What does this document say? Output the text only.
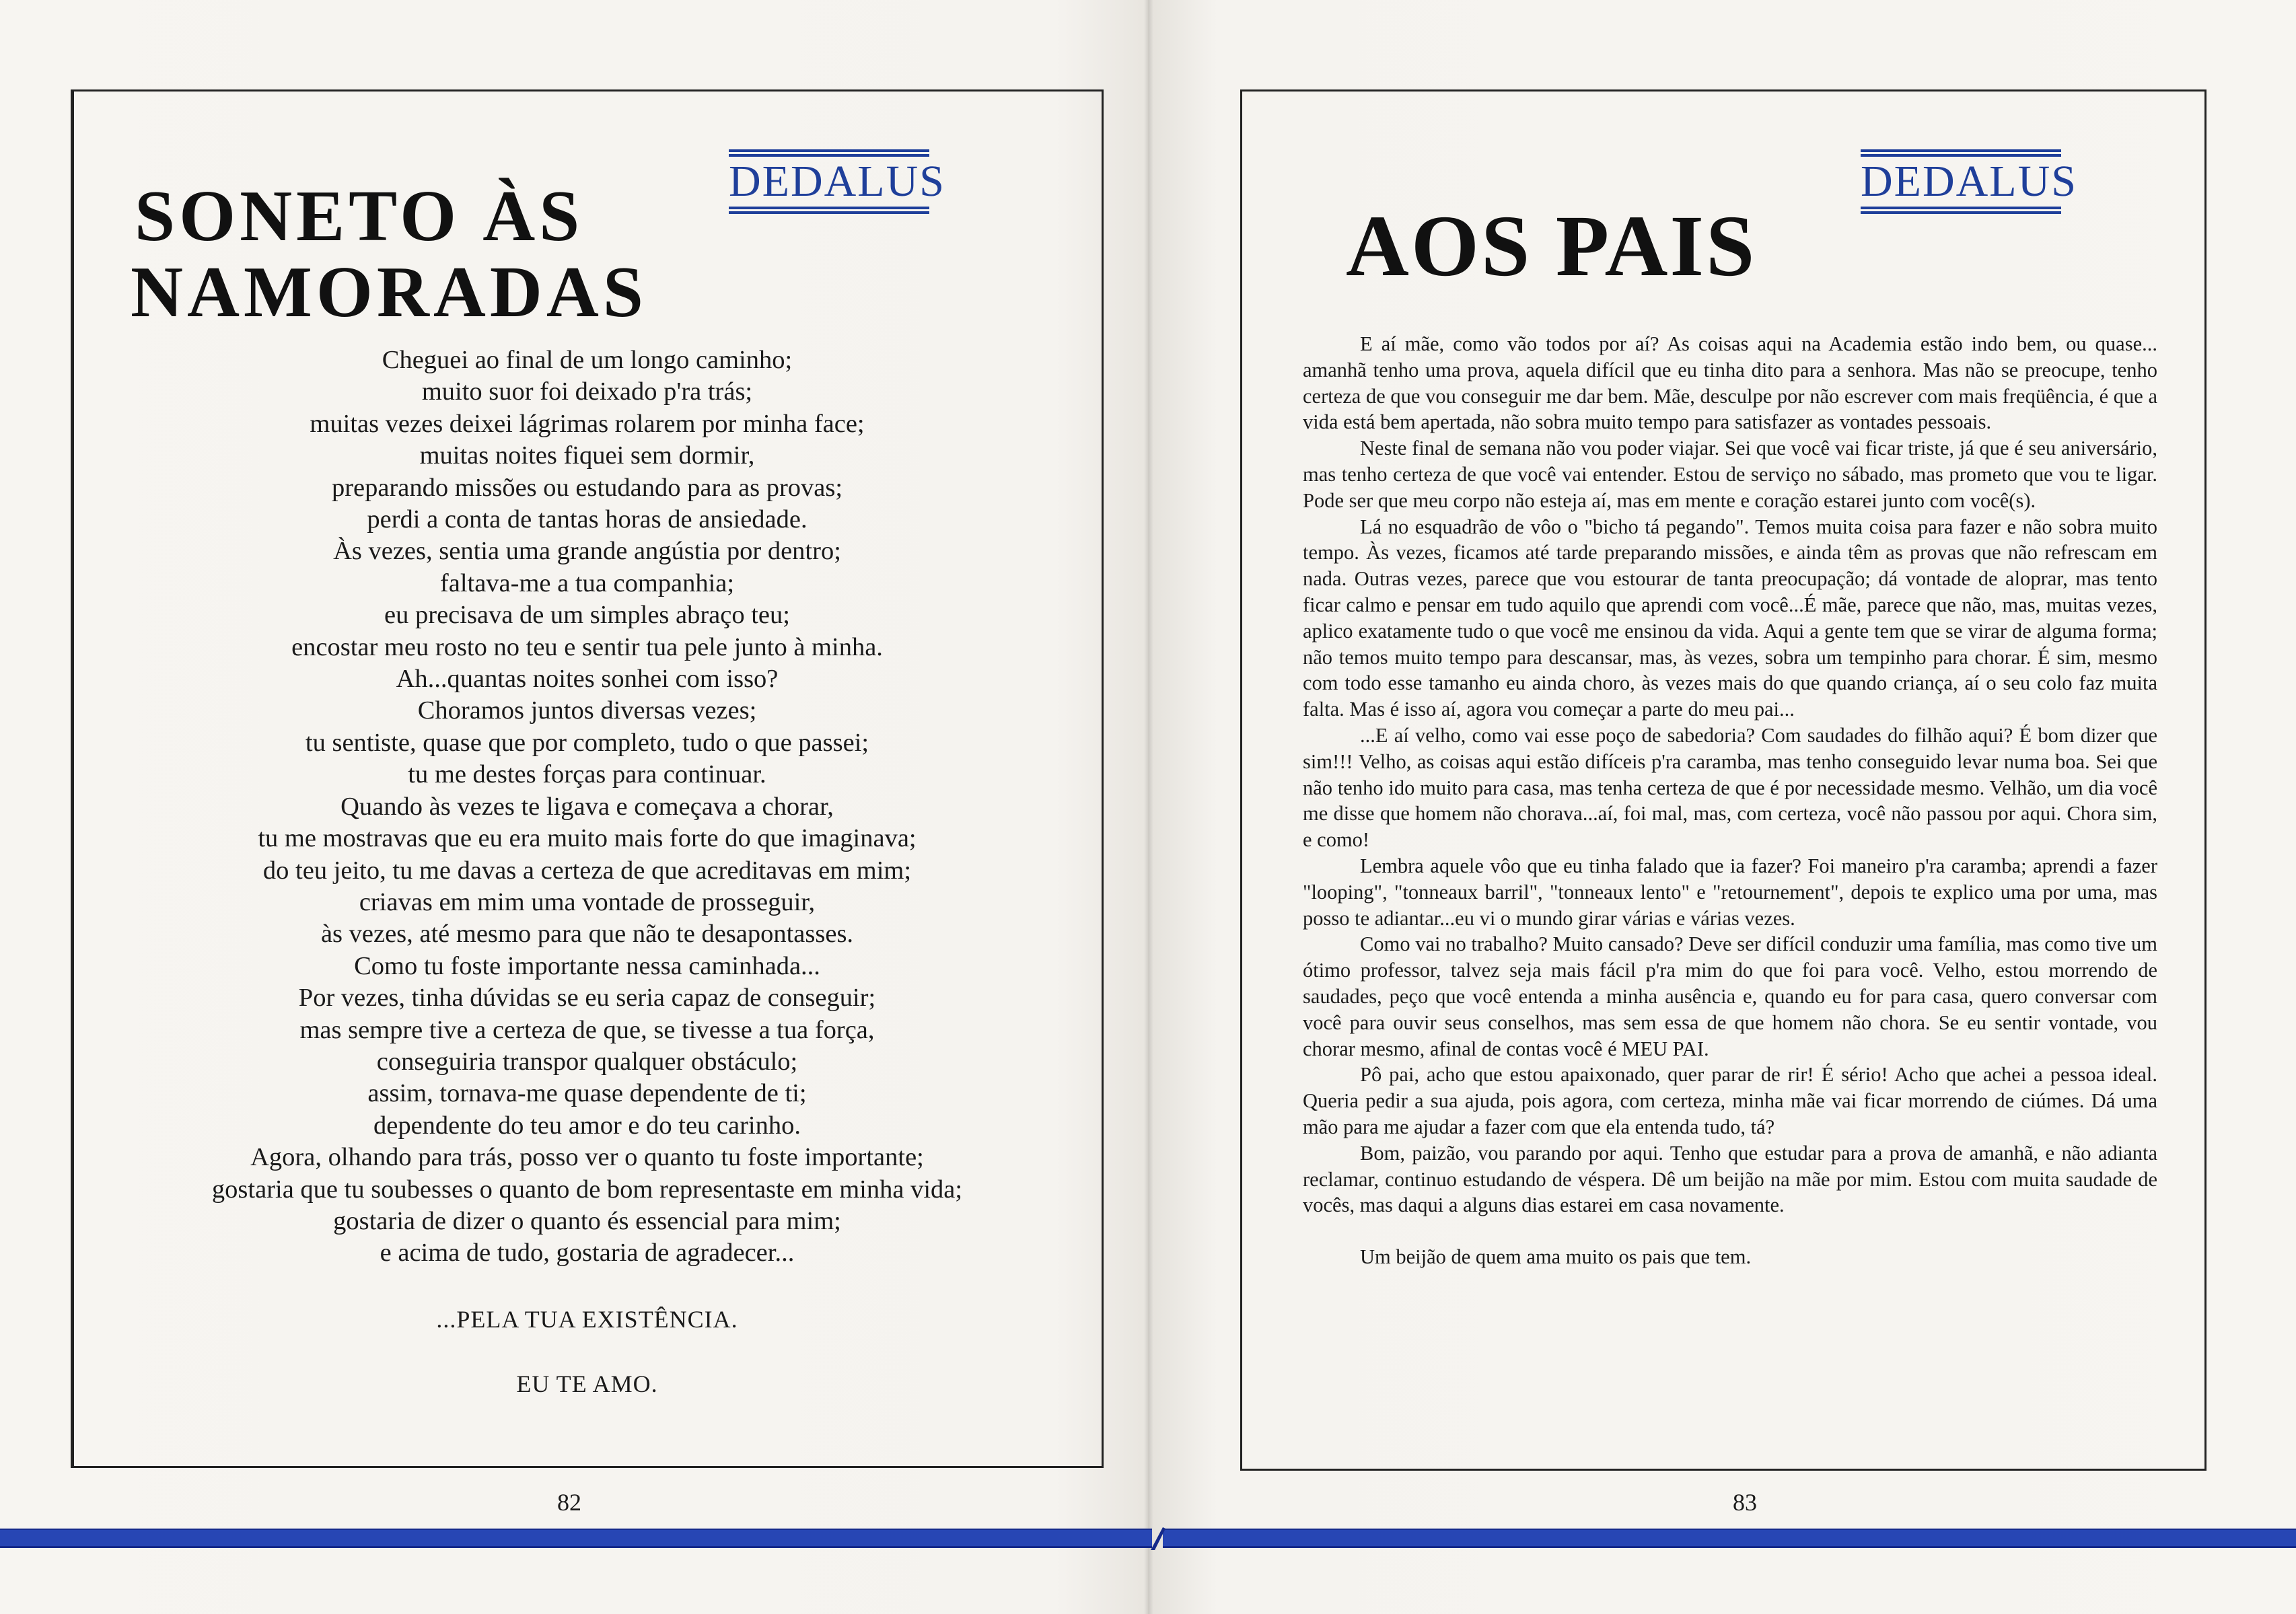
DEDALUS
SONETO ÀS
NAMORADAS
Cheguei ao final de um longo caminho;
muito suor foi deixado p'ra trás;
muitas vezes deixei lágrimas rolarem por minha face;
muitas noites fiquei sem dormir,
preparando missões ou estudando para as provas;
perdi a conta de tantas horas de ansiedade.
Às vezes, sentia uma grande angústia por dentro;
faltava-me a tua companhia;
eu precisava de um simples abraço teu;
encostar meu rosto no teu e sentir tua pele junto à minha.
Ah...quantas noites sonhei com isso?
Choramos juntos diversas vezes;
tu sentiste, quase que por completo, tudo o que passei;
tu me destes forças para continuar.
Quando às vezes te ligava e começava a chorar,
tu me mostravas que eu era muito mais forte do que imaginava;
do teu jeito, tu me davas a certeza de que acreditavas em mim;
criavas em mim uma vontade de prosseguir,
às vezes, até mesmo para que não te desapontasses.
Como tu foste importante nessa caminhada...
Por vezes, tinha dúvidas se eu seria capaz de conseguir;
mas sempre tive a certeza de que, se tivesse a tua força,
conseguiria transpor qualquer obstáculo;
assim, tornava-me quase dependente de ti;
dependente do teu amor e do teu carinho.
Agora, olhando para trás, posso ver o quanto tu foste importante;
gostaria que tu soubesses o quanto de bom representaste em minha vida;
gostaria de dizer o quanto és essencial para mim;
e acima de tudo, gostaria de agradecer...
...PELA TUA EXISTÊNCIA.
EU TE AMO.
82
DEDALUS
AOS PAIS

E aí mãe, como vão todos por aí? As coisas aqui na Academia estão indo bem, ou quase... amanhã tenho uma prova, aquela difícil que eu tinha dito para a senhora. Mas não se preocupe, tenho certeza de que vou conseguir me dar bem. Mãe, desculpe por não escrever com mais freqüência, é que a vida está bem apertada, não sobra muito tempo para satisfazer as vontades pessoais.

Neste final de semana não vou poder viajar. Sei que você vai ficar triste, já que é seu aniversário, mas tenho certeza de que você vai entender. Estou de serviço no sábado, mas prometo que vou te ligar. Pode ser que meu corpo não esteja aí, mas em mente e coração estarei junto com você(s).

Lá no esquadrão de vôo o "bicho tá pegando". Temos muita coisa para fazer e não sobra muito tempo. Às vezes, ficamos até tarde preparando missões, e ainda têm as provas que não refrescam em nada. Outras vezes, parece que vou estourar de tanta preocupação; dá vontade de aloprar, mas tento ficar calmo e pensar em tudo aquilo que aprendi com você...É mãe, parece que não, mas, muitas vezes, aplico exatamente tudo o que você me ensinou da vida. Aqui a gente tem que se virar de alguma forma; não temos muito tempo para descansar, mas, às vezes, sobra um tempinho para chorar. É sim, mesmo com todo esse tamanho eu ainda choro, às vezes mais do que quando criança, aí o seu colo faz muita falta. Mas é isso aí, agora vou começar a parte do meu pai...

...E aí velho, como vai esse poço de sabedoria? Com saudades do filhão aqui? É bom dizer que sim!!! Velho, as coisas aqui estão difíceis p'ra caramba, mas tenho conseguido levar numa boa. Sei que não tenho ido muito para casa, mas tenha certeza de que é por necessidade mesmo. Velhão, um dia você me disse que homem não chorava...aí, foi mal, mas, com certeza, você não passou por aqui. Chora sim, e como!

Lembra aquele vôo que eu tinha falado que ia fazer? Foi maneiro p'ra caramba; aprendi a fazer "looping", "tonneaux barril", "tonneaux lento" e "retournement", depois te explico uma por uma, mas posso te adiantar...eu vi o mundo girar várias e várias vezes.

Como vai no trabalho? Muito cansado? Deve ser difícil conduzir uma família, mas como tive um ótimo professor, talvez seja mais fácil p'ra mim do que foi para você. Velho, estou morrendo de saudades, peço que você entenda a minha ausência e, quando eu for para casa, quero conversar com você para ouvir seus conselhos, mas sem essa de que homem não chora. Se eu sentir vontade, vou chorar mesmo, afinal de contas você é MEU PAI.

Pô pai, acho que estou apaixonado, quer parar de rir! É sério! Acho que achei a pessoa ideal. Queria pedir a sua ajuda, pois agora, com certeza, minha mãe vai ficar morrendo de ciúmes. Dá uma mão para me ajudar a fazer com que ela entenda tudo, tá?

Bom, paizão, vou parando por aqui. Tenho que estudar para a prova de amanhã, e não adianta reclamar, continuo estudando de véspera. Dê um beijão na mãe por mim. Estou com muita saudade de vocês, mas daqui a alguns dias estarei em casa novamente.

Um beijão de quem ama muito os pais que tem.

83
